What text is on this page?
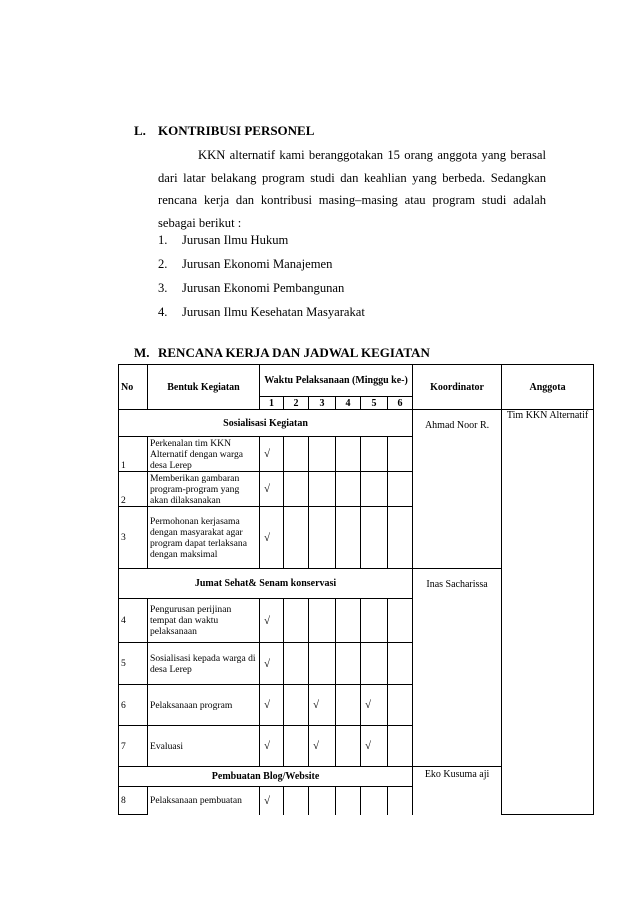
L. KONTRIBUSI PERSONEL
KKN alternatif kami beranggotakan 15 orang anggota yang berasal dari latar belakang program studi dan keahlian yang berbeda. Sedangkan rencana kerja dan kontribusi masing–masing atau program studi adalah sebagai berikut :
1. Jurusan Ilmu Hukum
2. Jurusan Ekonomi Manajemen
3. Jurusan Ekonomi Pembangunan
4. Jurusan Ilmu Kesehatan Masyarakat
M. RENCANA KERJA DAN JADWAL KEGIATAN
No	Bentuk Kegiatan	Waktu Pelaksanaan (Minggu ke-)						Koordinator	Anggota
		1	2	3	4	5	6		
Sosialisasi Kegiatan								Ahmad Noor R.	Tim KKN Alternatif
1	Perkenalan tim KKN Alternatif dengan warga desa Lerep	√							
2	Memberikan gambaran program-program yang akan dilaksanakan	√							
3	Permohonan kerjasama dengan masyarakat agar program dapat terlaksana dengan maksimal	√							
Jumat Sehat& Senam konservasi								Inas Sacharissa	
4	Pengurusan perijinan tempat dan waktu pelaksanaan	√							
5	Sosialisasi kepada warga di desa Lerep	√							
6	Pelaksanaan program	√		√		√			
7	Evaluasi	√		√		√			
Pembuatan Blog/Website								Eko Kusuma aji	
8	Pelaksanaan pembuatan	√							
